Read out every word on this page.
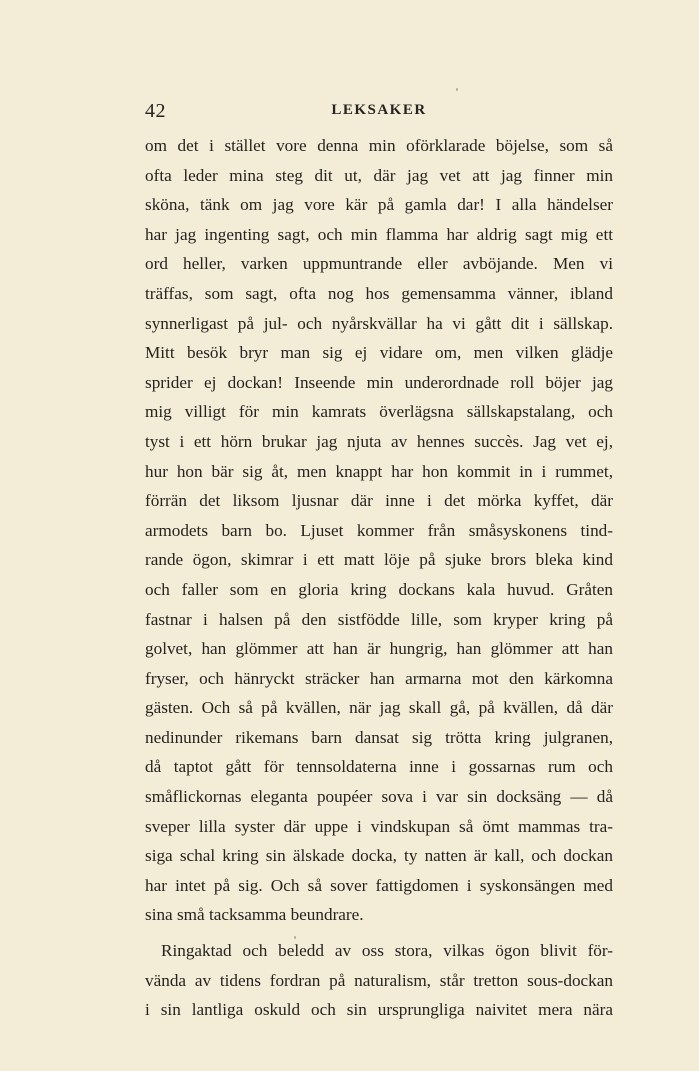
42	LEKSAKER
om det i stället vore denna min oförklarade böjelse, som så
ofta leder mina steg dit ut, där jag vet att jag finner min
sköna, tänk om jag vore kär på gamla dar! I alla händelser
har jag ingenting sagt, och min flamma har aldrig sagt mig ett
ord heller, varken uppmuntrande eller avböjande. Men vi
träffas, som sagt, ofta nog hos gemensamma vänner, ibland
synnerligast på jul- och nyårskvällar ha vi gått dit i sällskap.
Mitt besök bryr man sig ej vidare om, men vilken glädje
sprider ej dockan! Inseende min underordnade roll böjer jag
mig villigt för min kamrats överlägsna sällskapstalang, och
tyst i ett hörn brukar jag njuta av hennes succès. Jag vet ej,
hur hon bär sig åt, men knappt har hon kommit in i rummet,
förrän det liksom ljusnar där inne i det mörka kyffet, där
armodets barn bo. Ljuset kommer från småsyskonens tind-
rande ögon, skimrar i ett matt löje på sjuke brors bleka kind
och faller som en gloria kring dockans kala huvud. Gråten
fastnar i halsen på den sistfödde lille, som kryper kring på
golvet, han glömmer att han är hungrig, han glömmer att han
fryser, och hänryckt sträcker han armarna mot den kärkomna
gästen. Och så på kvällen, när jag skall gå, på kvällen, då där
nedinunder rikemans barn dansat sig trötta kring julgranen,
då taptot gått för tennsoldaterna inne i gossarnas rum och
småflickornas eleganta poupéer sova i var sin docksäng — då
sveper lilla syster där uppe i vindskupan så ömt mammas tra-
siga schal kring sin älskade docka, ty natten är kall, och dockan
har intet på sig. Och så sover fattigdomen i syskonsängen med
sina små tacksamma beundrare.
Ringaktad och beledd av oss stora, vilkas ögon blivit för-
vända av tidens fordran på naturalism, står tretton sous-dockan
i sin lantliga oskuld och sin ursprungliga naivitet mera nära
